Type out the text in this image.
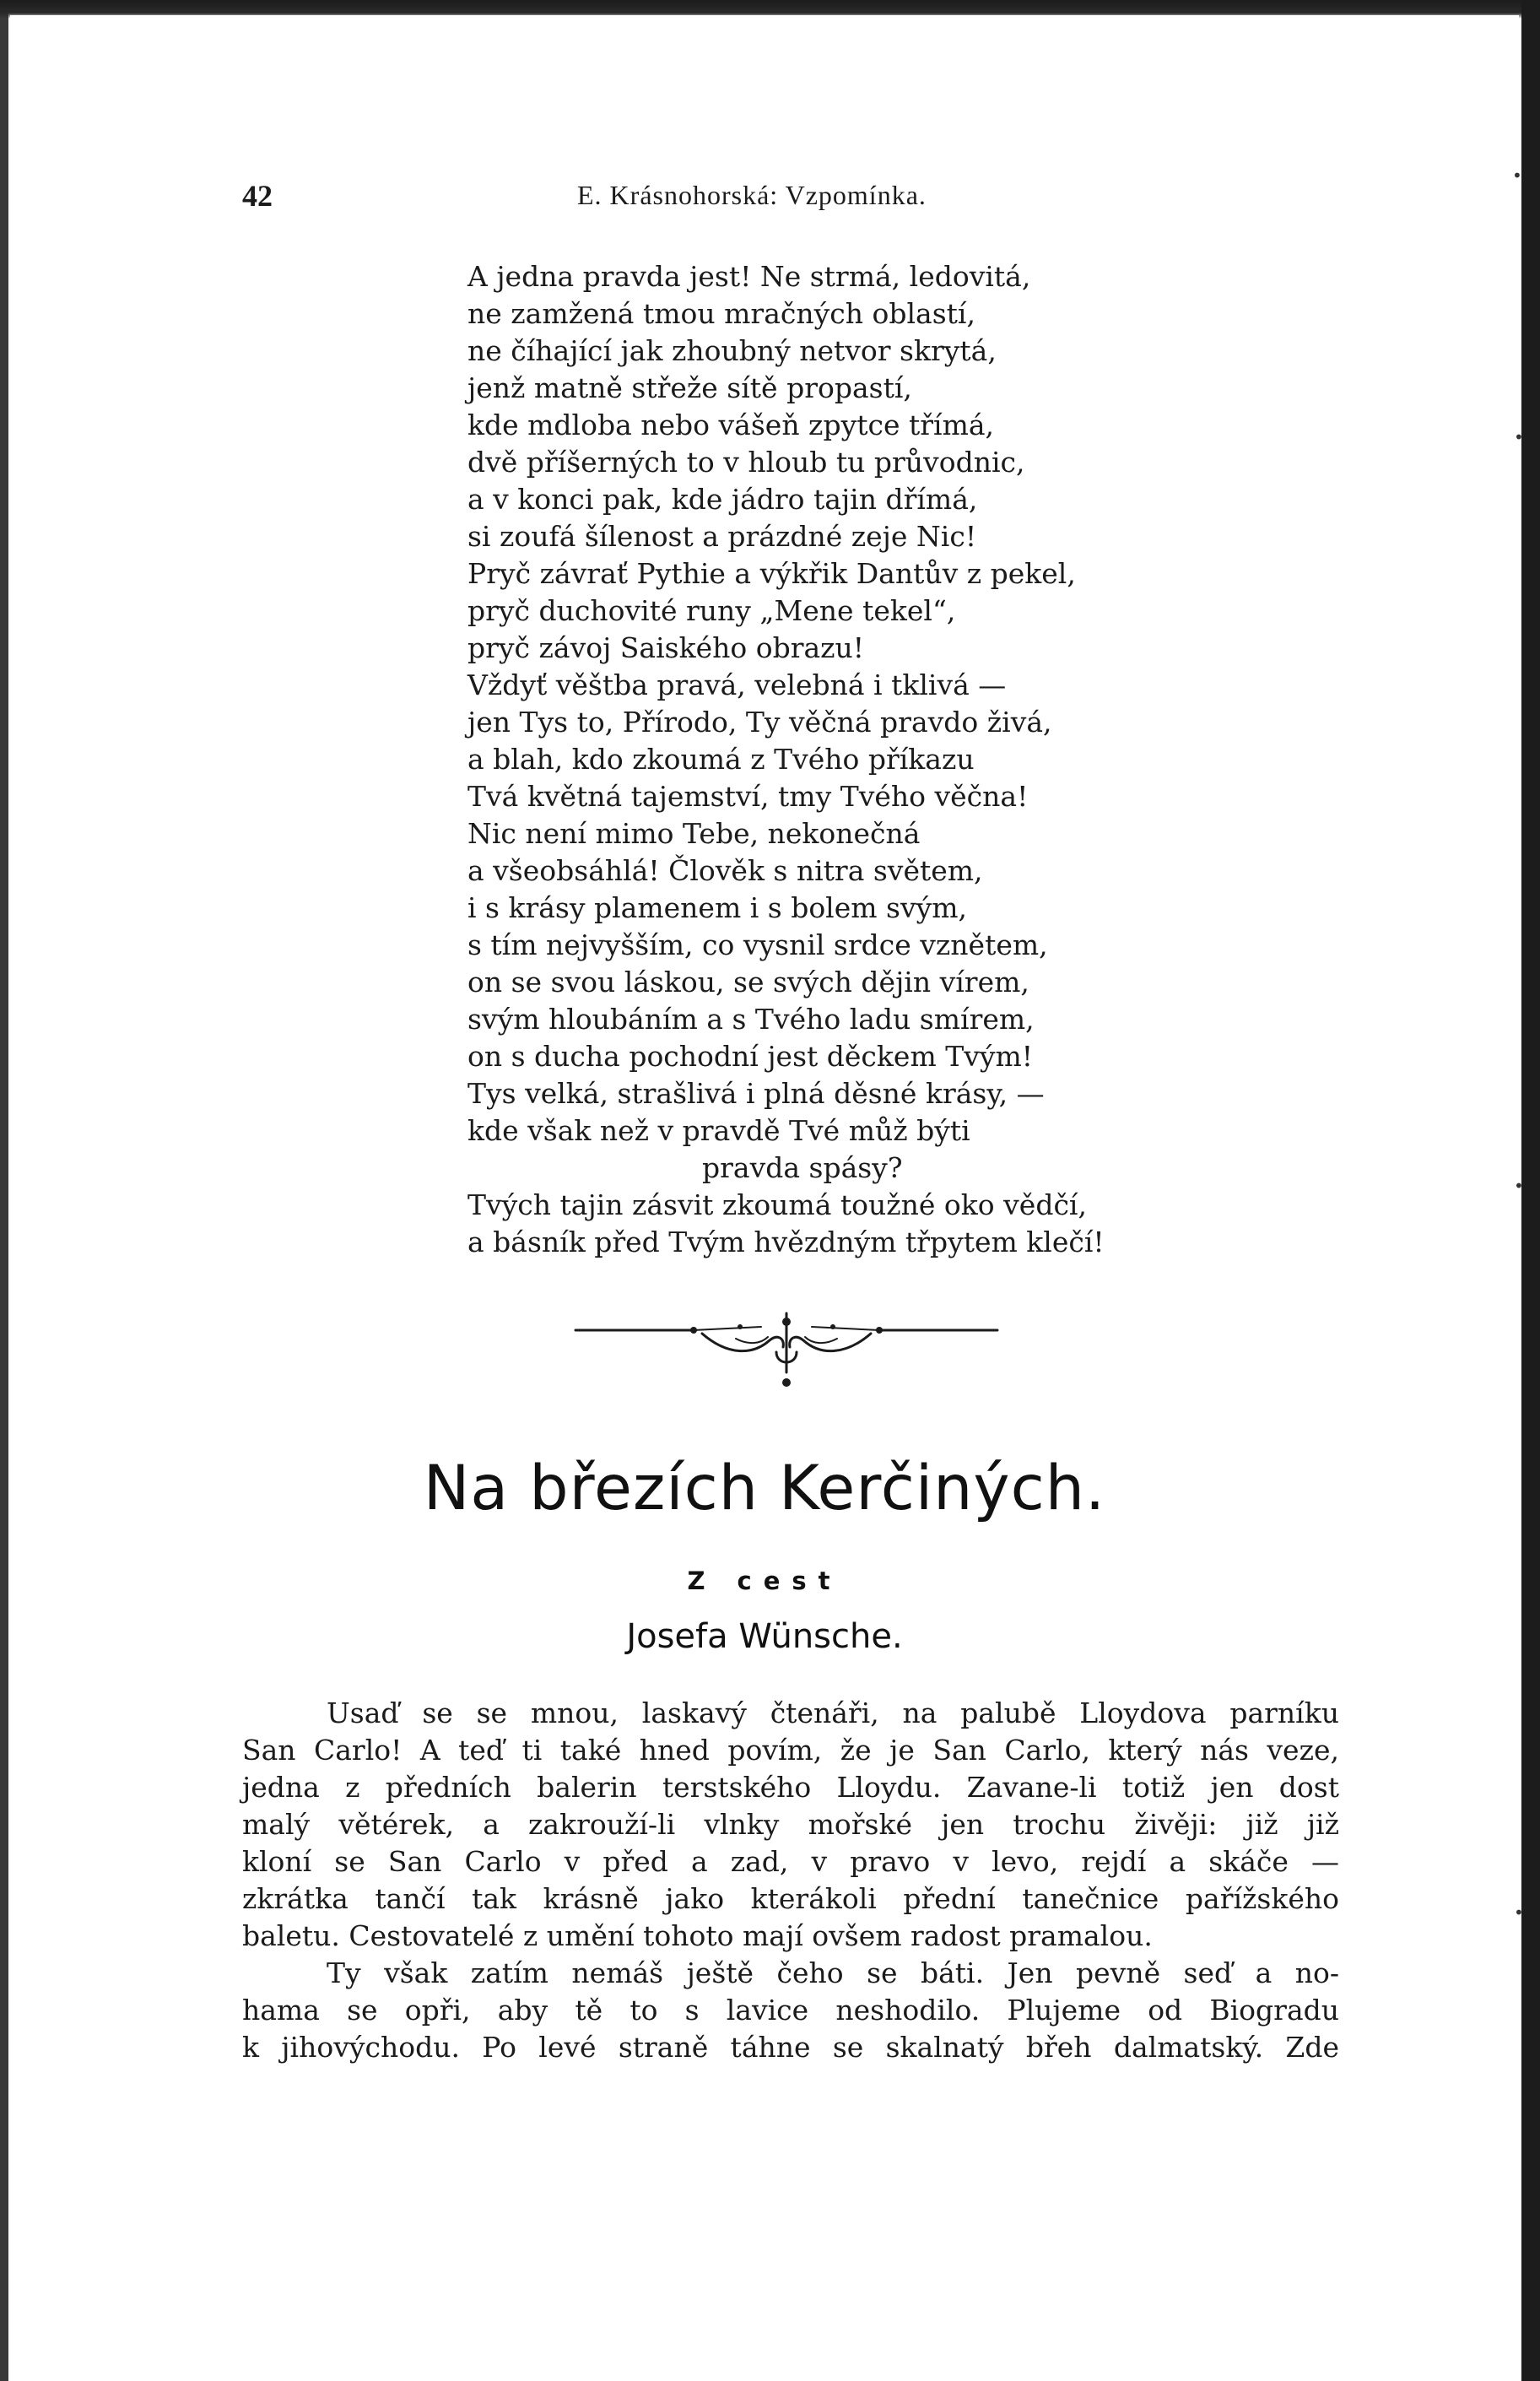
42	E. Krásnohorská: Vzpomínka.
A jedna pravda jest! Ne strmá, ledovitá,
ne zamžená tmou mračných oblastí,
ne číhající jak zhoubný netvor skrytá,
jenž matně střeže sítě propastí,
kde mdloba nebo vášeň zpytce třímá,
dvě příšerných to v hloub tu průvodnic,
a v konci pak, kde jádro tajin dřímá,
si zoufá šílenost a prázdné zeje Nic!
Pryč závrať Pythie a výkřik Dantův z pekel,
pryč duchovité runy „Mene tekel“,
pryč závoj Saiského obrazu!
Vždyť věštba pravá, velebná i tklivá —
jen Tys to, Přírodo, Ty věčná pravdo živá,
a blah, kdo zkoumá z Tvého příkazu
Tvá květná tajemství, tmy Tvého věčna!
Nic není mimo Tebe, nekonečná
a všeobsáhlá! Člověk s nitra světem,
i s krásy plamenem i s bolem svým,
s tím nejvyšším, co vysnil srdce vznětem,
on se svou láskou, se svých dějin vírem,
svým hloubáním a s Tvého ladu smírem,
on s ducha pochodní jest děckem Tvým!
Tys velká, strašlivá i plná děsné krásy, —
kde však než v pravdě Tvé můž býti
pravda spásy?
Tvých tajin zásvit zkoumá toužné oko vědčí,
a básník před Tvým hvězdným třpytem klečí!
Na březích Kerčiných.
Z cest
Josefa Wünsche.
Usaď se se mnou, laskavý čtenáři, na palubě Lloydova parníku
San Carlo! A teď ti také hned povím, že je San Carlo, který nás veze,
jedna z předních balerin terstského Lloydu. Zavane-li totiž jen dost
malý větérek, a zakrouží-li vlnky mořské jen trochu živěji: již již
kloní se San Carlo v před a zad, v pravo v levo, rejdí a skáče —
zkrátka tančí tak krásně jako kterákoli přední tanečnice pařížského
baletu. Cestovatelé z umění tohoto mají ovšem radost pramalou.
Ty však zatím nemáš ještě čeho se báti. Jen pevně seď a no-
hama se opři, aby tě to s lavice neshodilo. Plujeme od Biogradu
k jihovýchodu. Po levé straně táhne se skalnatý břeh dalmatský. Zde
•
•
•
•
